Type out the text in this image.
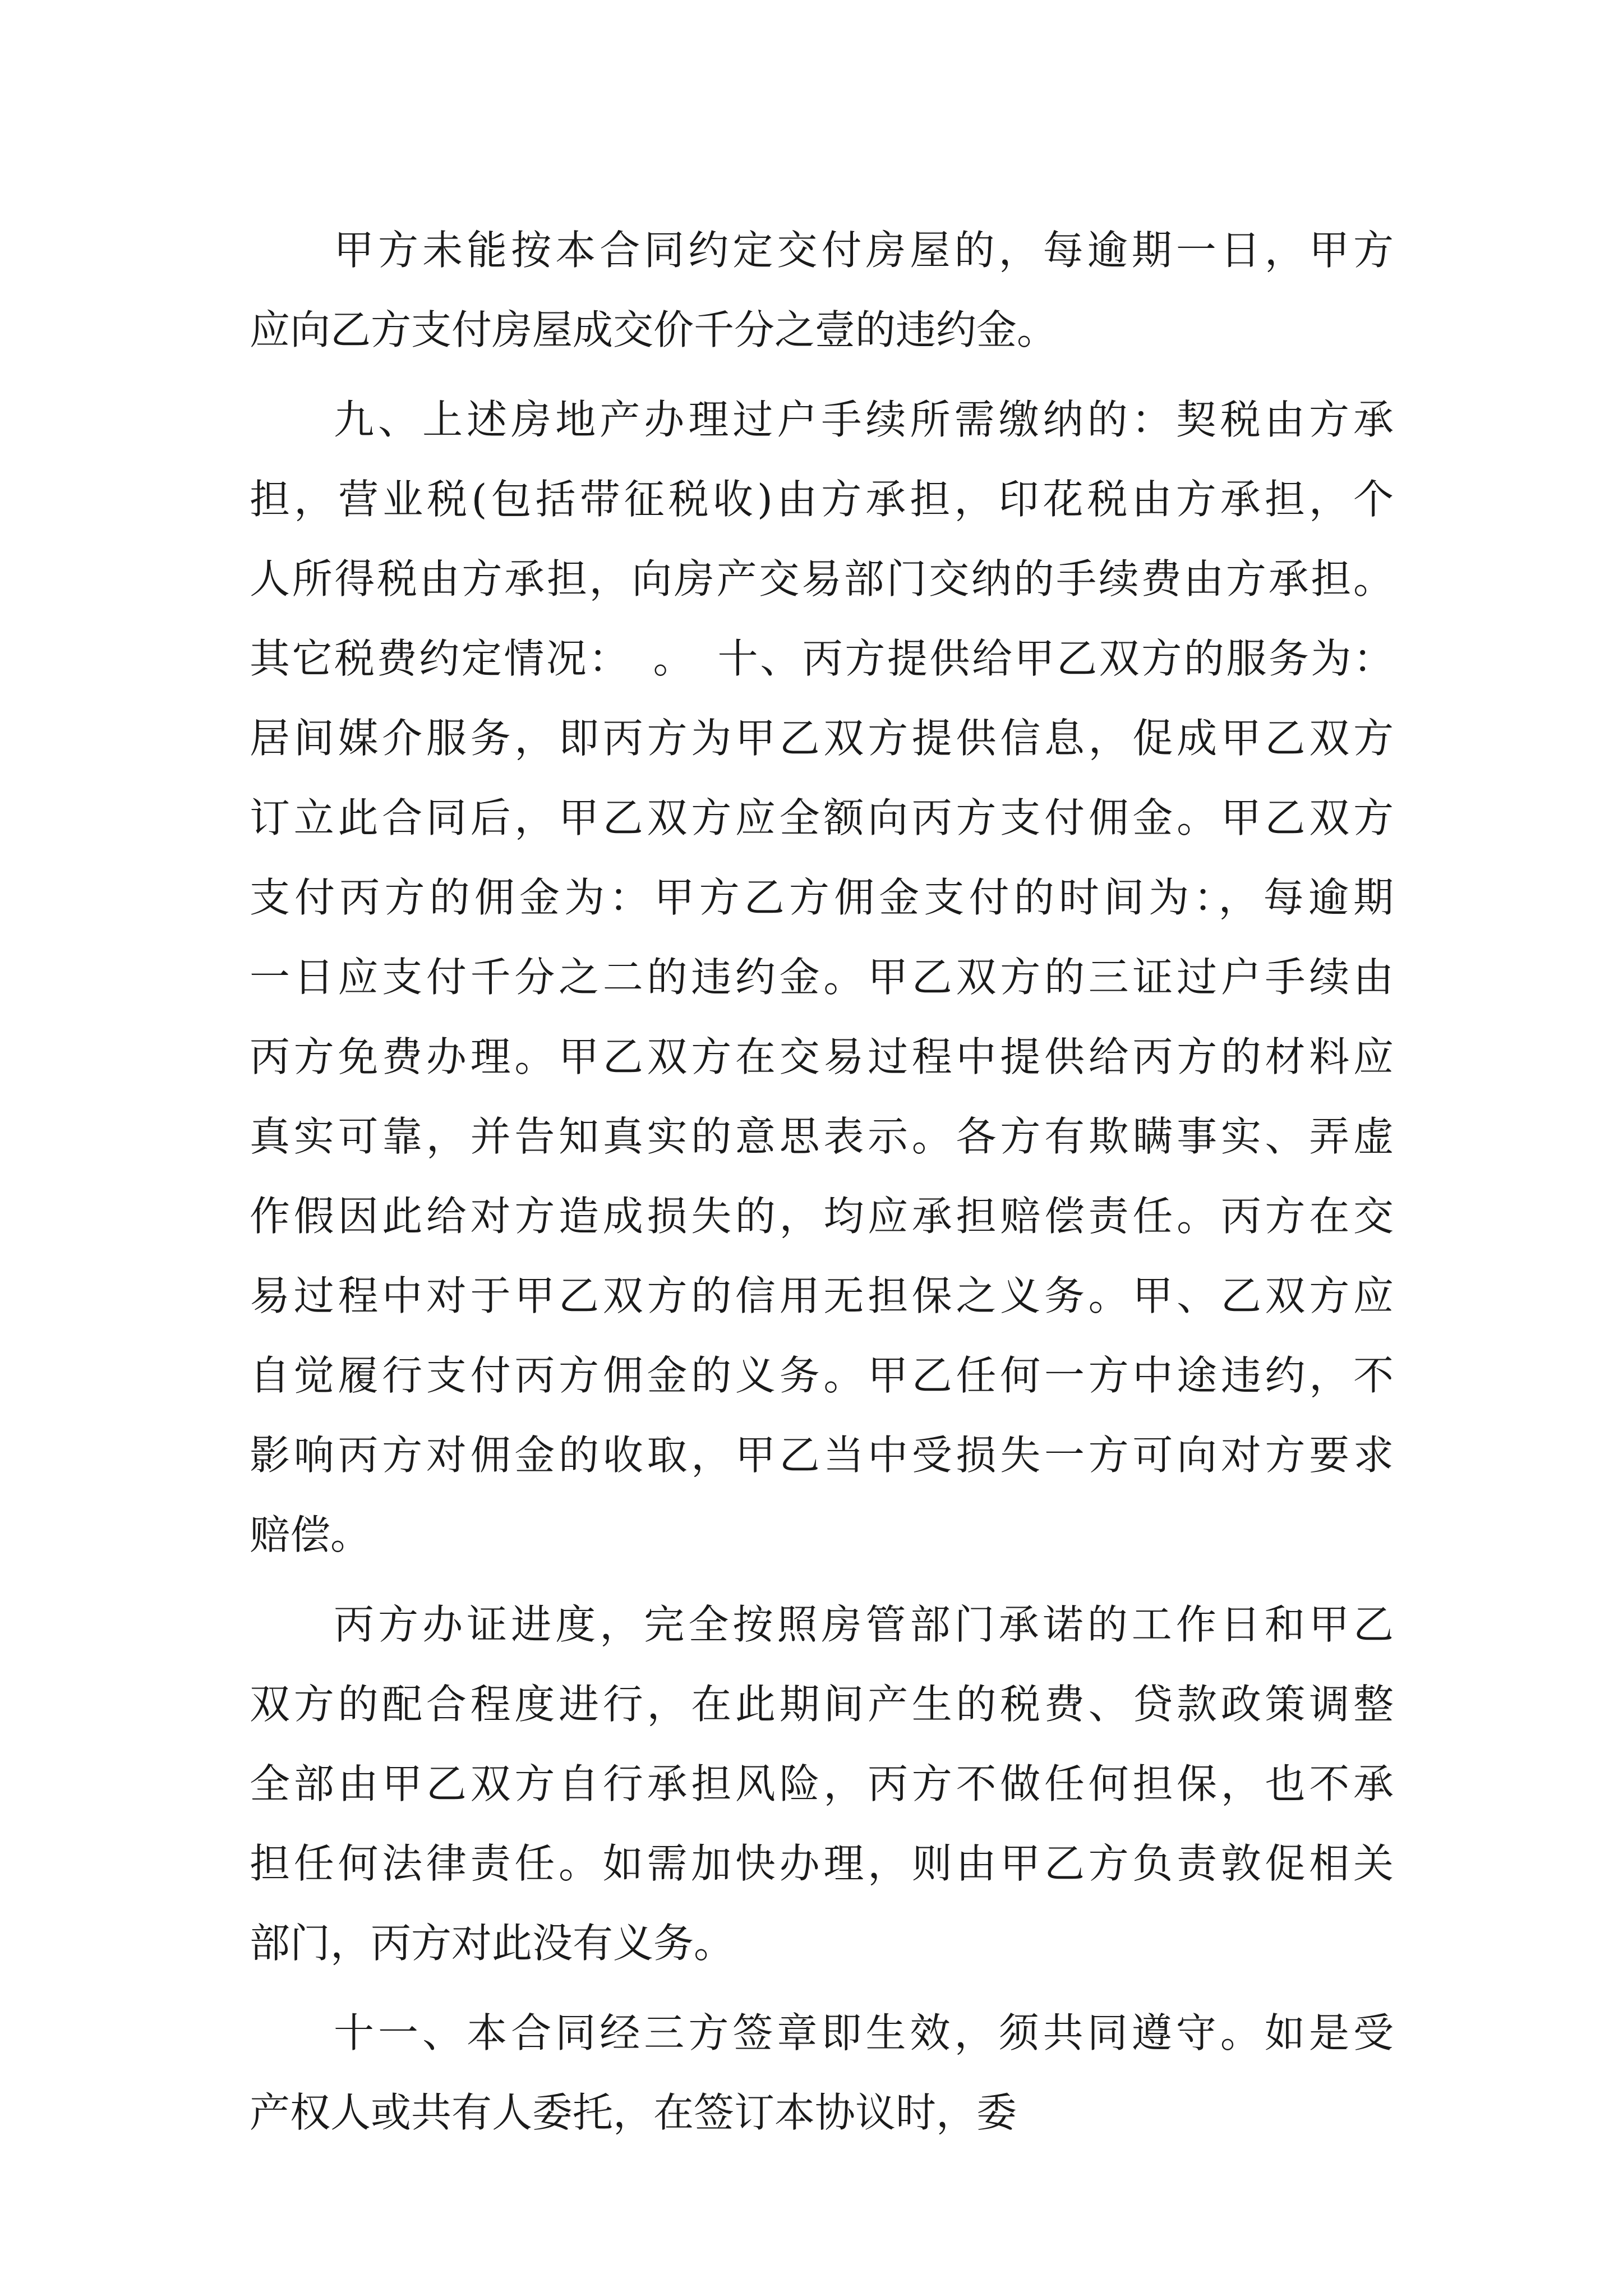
甲方未能按本合同约定交付房屋的，每逾期一日，甲方
应向乙方支付房屋成交价千分之壹的违约金。
九、上述房地产办理过户手续所需缴纳的：契税由方承
担，营业税(包括带征税收)由方承担，印花税由方承担，个
人所得税由方承担，向房产交易部门交纳的手续费由方承担。
其它税费约定情况：　。　十、丙方提供给甲乙双方的服务为：
居间媒介服务，即丙方为甲乙双方提供信息，促成甲乙双方
订立此合同后，甲乙双方应全额向丙方支付佣金。甲乙双方
支付丙方的佣金为：甲方乙方佣金支付的时间为：，每逾期
一日应支付千分之二的违约金。甲乙双方的三证过户手续由
丙方免费办理。甲乙双方在交易过程中提供给丙方的材料应
真实可靠，并告知真实的意思表示。各方有欺瞒事实、弄虚
作假因此给对方造成损失的，均应承担赔偿责任。丙方在交
易过程中对于甲乙双方的信用无担保之义务。甲、乙双方应
自觉履行支付丙方佣金的义务。甲乙任何一方中途违约，不
影响丙方对佣金的收取，甲乙当中受损失一方可向对方要求
赔偿。
丙方办证进度，完全按照房管部门承诺的工作日和甲乙
双方的配合程度进行，在此期间产生的税费、贷款政策调整
全部由甲乙双方自行承担风险，丙方不做任何担保，也不承
担任何法律责任。如需加快办理，则由甲乙方负责敦促相关
部门，丙方对此没有义务。
十一、本合同经三方签章即生效，须共同遵守。如是受
产权人或共有人委托，在签订本协议时，委
